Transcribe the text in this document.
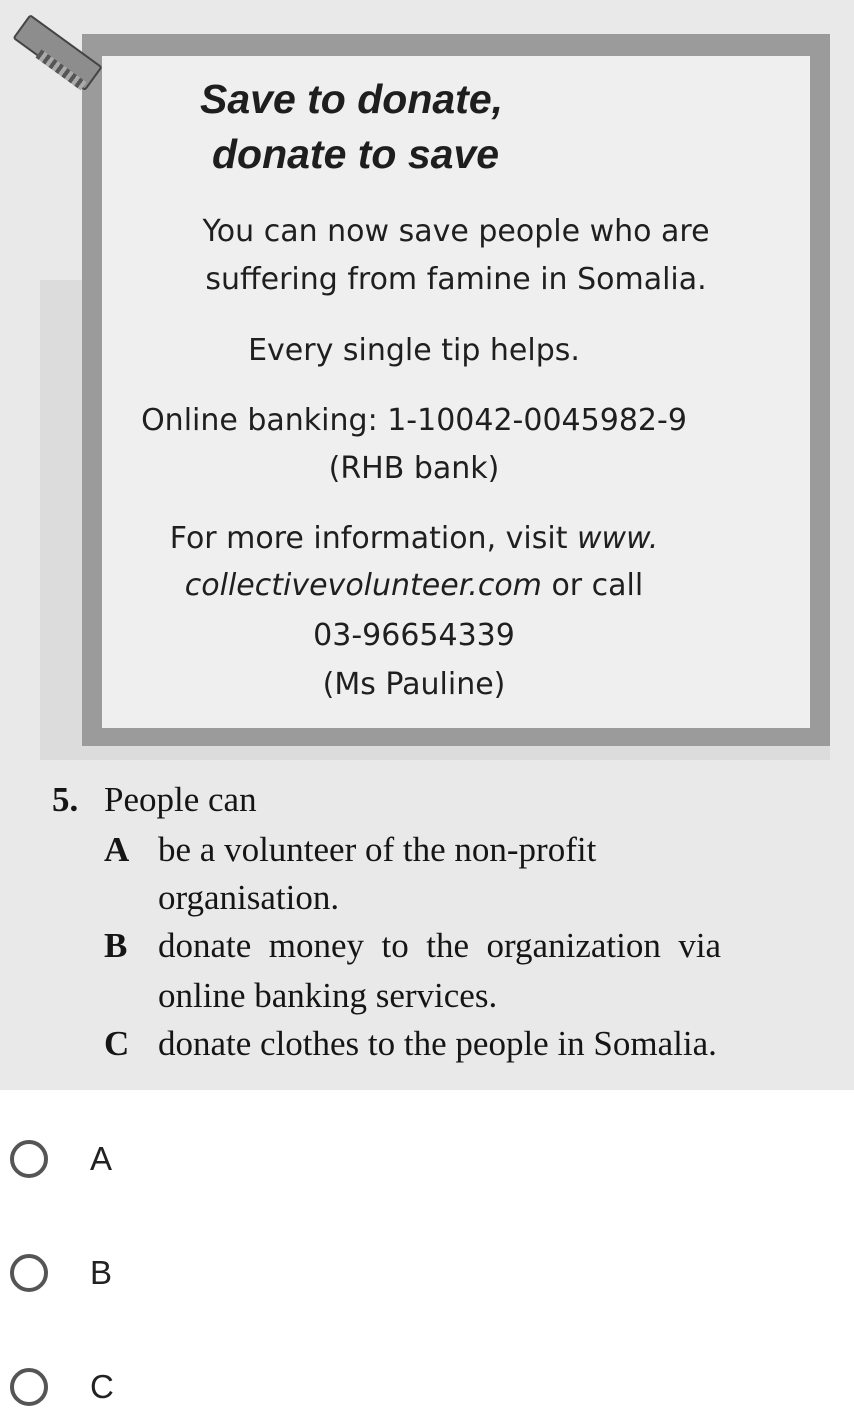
Save to donate,
donate to save
You can now save people who are
suffering from famine in Somalia.
Every single tip helps.
Online banking: 1-10042-0045982-9
(RHB bank)
For more information, visit www.
collectivevolunteer.com or call
03-96654339
(Ms Pauline)
5. People can
A be a volunteer of the non-profit
organisation.
B donate  money  to  the  organization  via
online banking services.
C donate clothes to the people in Somalia.
A
B
C
